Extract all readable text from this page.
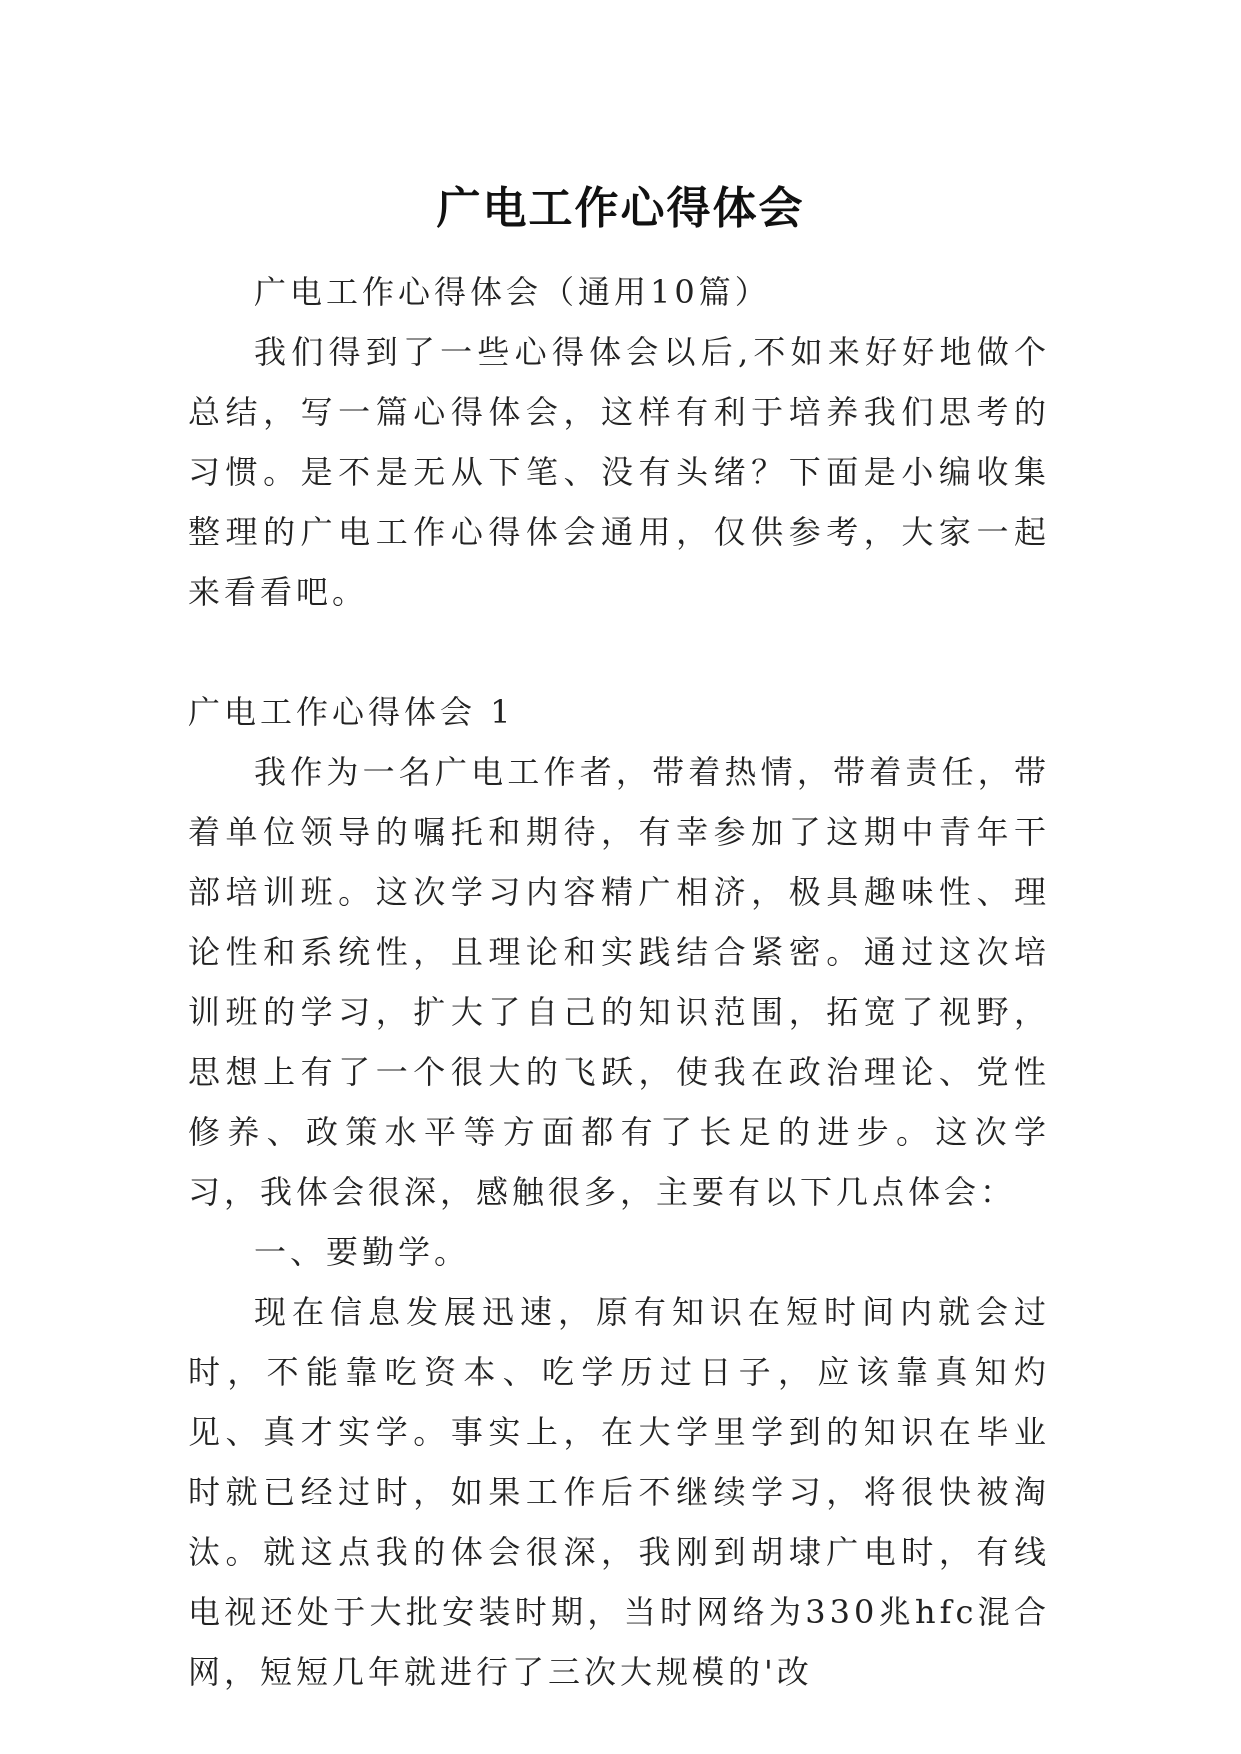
广电工作心得体会

广电工作心得体会（通用10篇）

我们得到了一些心得体会以后,不如来好好地做个总结，写一篇心得体会，这样有利于培养我们思考的习惯。是不是无从下笔、没有头绪？下面是小编收集整理的广电工作心得体会通用，仅供参考，大家一起来看看吧。

广电工作心得体会 1

我作为一名广电工作者，带着热情，带着责任，带着单位领导的嘱托和期待，有幸参加了这期中青年干部培训班。这次学习内容精广相济，极具趣味性、理论性和系统性，且理论和实践结合紧密。通过这次培训班的学习，扩大了自己的知识范围，拓宽了视野，思想上有了一个很大的飞跃，使我在政治理论、党性修养、政策水平等方面都有了长足的进步。这次学习，我体会很深，感触很多，主要有以下几点体会：

一、要勤学。

现在信息发展迅速，原有知识在短时间内就会过时，不能靠吃资本、吃学历过日子，应该靠真知灼见、真才实学。事实上，在大学里学到的知识在毕业时就已经过时，如果工作后不继续学习，将很快被淘汰。就这点我的体会很深，我刚到胡埭广电时，有线电视还处于大批安装时期，当时网络为330兆hfc混合网，短短几年就进行了三次大规模的'改
